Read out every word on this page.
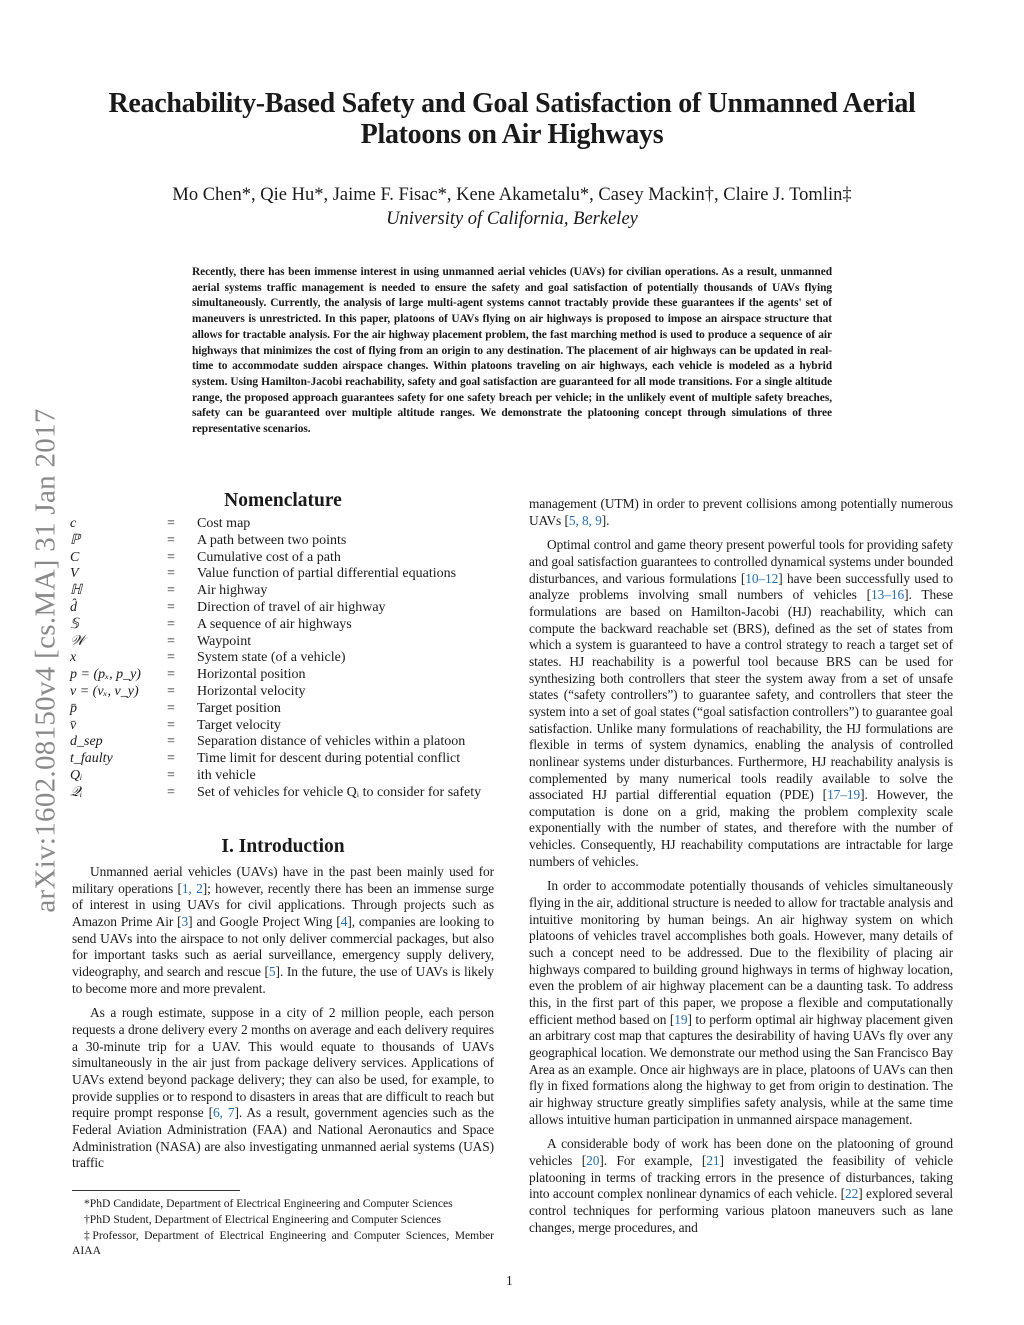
arXiv:1602.08150v4 [cs.MA] 31 Jan 2017
Reachability-Based Safety and Goal Satisfaction of Unmanned Aerial Platoons on Air Highways
Mo Chen*, Qie Hu*, Jaime F. Fisac*, Kene Akametalu*, Casey Mackin†, Claire J. Tomlin‡
University of California, Berkeley
Recently, there has been immense interest in using unmanned aerial vehicles (UAVs) for civilian operations. As a result, unmanned aerial systems traffic management is needed to ensure the safety and goal satisfaction of potentially thousands of UAVs flying simultaneously. Currently, the analysis of large multi-agent systems cannot tractably provide these guarantees if the agents' set of maneuvers is unrestricted. In this paper, platoons of UAVs flying on air highways is proposed to impose an airspace structure that allows for tractable analysis. For the air highway placement problem, the fast marching method is used to produce a sequence of air highways that minimizes the cost of flying from an origin to any destination. The placement of air highways can be updated in real-time to accommodate sudden airspace changes. Within platoons traveling on air highways, each vehicle is modeled as a hybrid system. Using Hamilton-Jacobi reachability, safety and goal satisfaction are guaranteed for all mode transitions. For a single altitude range, the proposed approach guarantees safety for one safety breach per vehicle; in the unlikely event of multiple safety breaches, safety can be guaranteed over multiple altitude ranges. We demonstrate the platooning concept through simulations of three representative scenarios.
Nomenclature
c	=	Cost map
ℙ	=	A path between two points
C	=	Cumulative cost of a path
V	=	Value function of partial differential equations
ℍ	=	Air highway
d̂	=	Direction of travel of air highway
𝕊	=	A sequence of air highways
𝒲	=	Waypoint
x	=	System state (of a vehicle)
p = (pₓ, p_y)	=	Horizontal position
v = (vₓ, v_y)	=	Horizontal velocity
p̄	=	Target position
v̄	=	Target velocity
d_sep	=	Separation distance of vehicles within a platoon
t_faulty	=	Time limit for descent during potential conflict
Qᵢ	=	ith vehicle
𝒬ᵢ	=	Set of vehicles for vehicle Qᵢ to consider for safety
I. Introduction

Unmanned aerial vehicles (UAVs) have in the past been mainly used for military operations [1, 2]; however, recently there has been an immense surge of interest in using UAVs for civil applications. Through projects such as Amazon Prime Air [3] and Google Project Wing [4], companies are looking to send UAVs into the airspace to not only deliver commercial packages, but also for important tasks such as aerial surveillance, emergency supply delivery, videography, and search and rescue [5]. In the future, the use of UAVs is likely to become more and more prevalent.

As a rough estimate, suppose in a city of 2 million people, each person requests a drone delivery every 2 months on average and each delivery requires a 30-minute trip for a UAV. This would equate to thousands of UAVs simultaneously in the air just from package delivery services. Applications of UAVs extend beyond package delivery; they can also be used, for example, to provide supplies or to respond to disasters in areas that are difficult to reach but require prompt response [6, 7]. As a result, government agencies such as the Federal Aviation Administration (FAA) and National Aeronautics and Space Administration (NASA) are also investigating unmanned aerial systems (UAS) traffic

management (UTM) in order to prevent collisions among potentially numerous UAVs [5, 8, 9].

Optimal control and game theory present powerful tools for providing safety and goal satisfaction guarantees to controlled dynamical systems under bounded disturbances, and various formulations [10–12] have been successfully used to analyze problems involving small numbers of vehicles [13–16]. These formulations are based on Hamilton-Jacobi (HJ) reachability, which can compute the backward reachable set (BRS), defined as the set of states from which a system is guaranteed to have a control strategy to reach a target set of states. HJ reachability is a powerful tool because BRS can be used for synthesizing both controllers that steer the system away from a set of unsafe states (“safety controllers”) to guarantee safety, and controllers that steer the system into a set of goal states (“goal satisfaction controllers”) to guarantee goal satisfaction. Unlike many formulations of reachability, the HJ formulations are flexible in terms of system dynamics, enabling the analysis of controlled nonlinear systems under disturbances. Furthermore, HJ reachability analysis is complemented by many numerical tools readily available to solve the associated HJ partial differential equation (PDE) [17–19]. However, the computation is done on a grid, making the problem complexity scale exponentially with the number of states, and therefore with the number of vehicles. Consequently, HJ reachability computations are intractable for large numbers of vehicles.

In order to accommodate potentially thousands of vehicles simultaneously flying in the air, additional structure is needed to allow for tractable analysis and intuitive monitoring by human beings. An air highway system on which platoons of vehicles travel accomplishes both goals. However, many details of such a concept need to be addressed. Due to the flexibility of placing air highways compared to building ground highways in terms of highway location, even the problem of air highway placement can be a daunting task. To address this, in the first part of this paper, we propose a flexible and computationally efficient method based on [19] to perform optimal air highway placement given an arbitrary cost map that captures the desirability of having UAVs fly over any geographical location. We demonstrate our method using the San Francisco Bay Area as an example. Once air highways are in place, platoons of UAVs can then fly in fixed formations along the highway to get from origin to destination. The air highway structure greatly simplifies safety analysis, while at the same time allows intuitive human participation in unmanned airspace management.

A considerable body of work has been done on the platooning of ground vehicles [20]. For example, [21] investigated the feasibility of vehicle platooning in terms of tracking errors in the presence of disturbances, taking into account complex nonlinear dynamics of each vehicle. [22] explored several control techniques for performing various platoon maneuvers such as lane changes, merge procedures, and

*PhD Candidate, Department of Electrical Engineering and Computer Sciences
†PhD Student, Department of Electrical Engineering and Computer Sciences
‡Professor, Department of Electrical Engineering and Computer Sciences, Member AIAA
1
